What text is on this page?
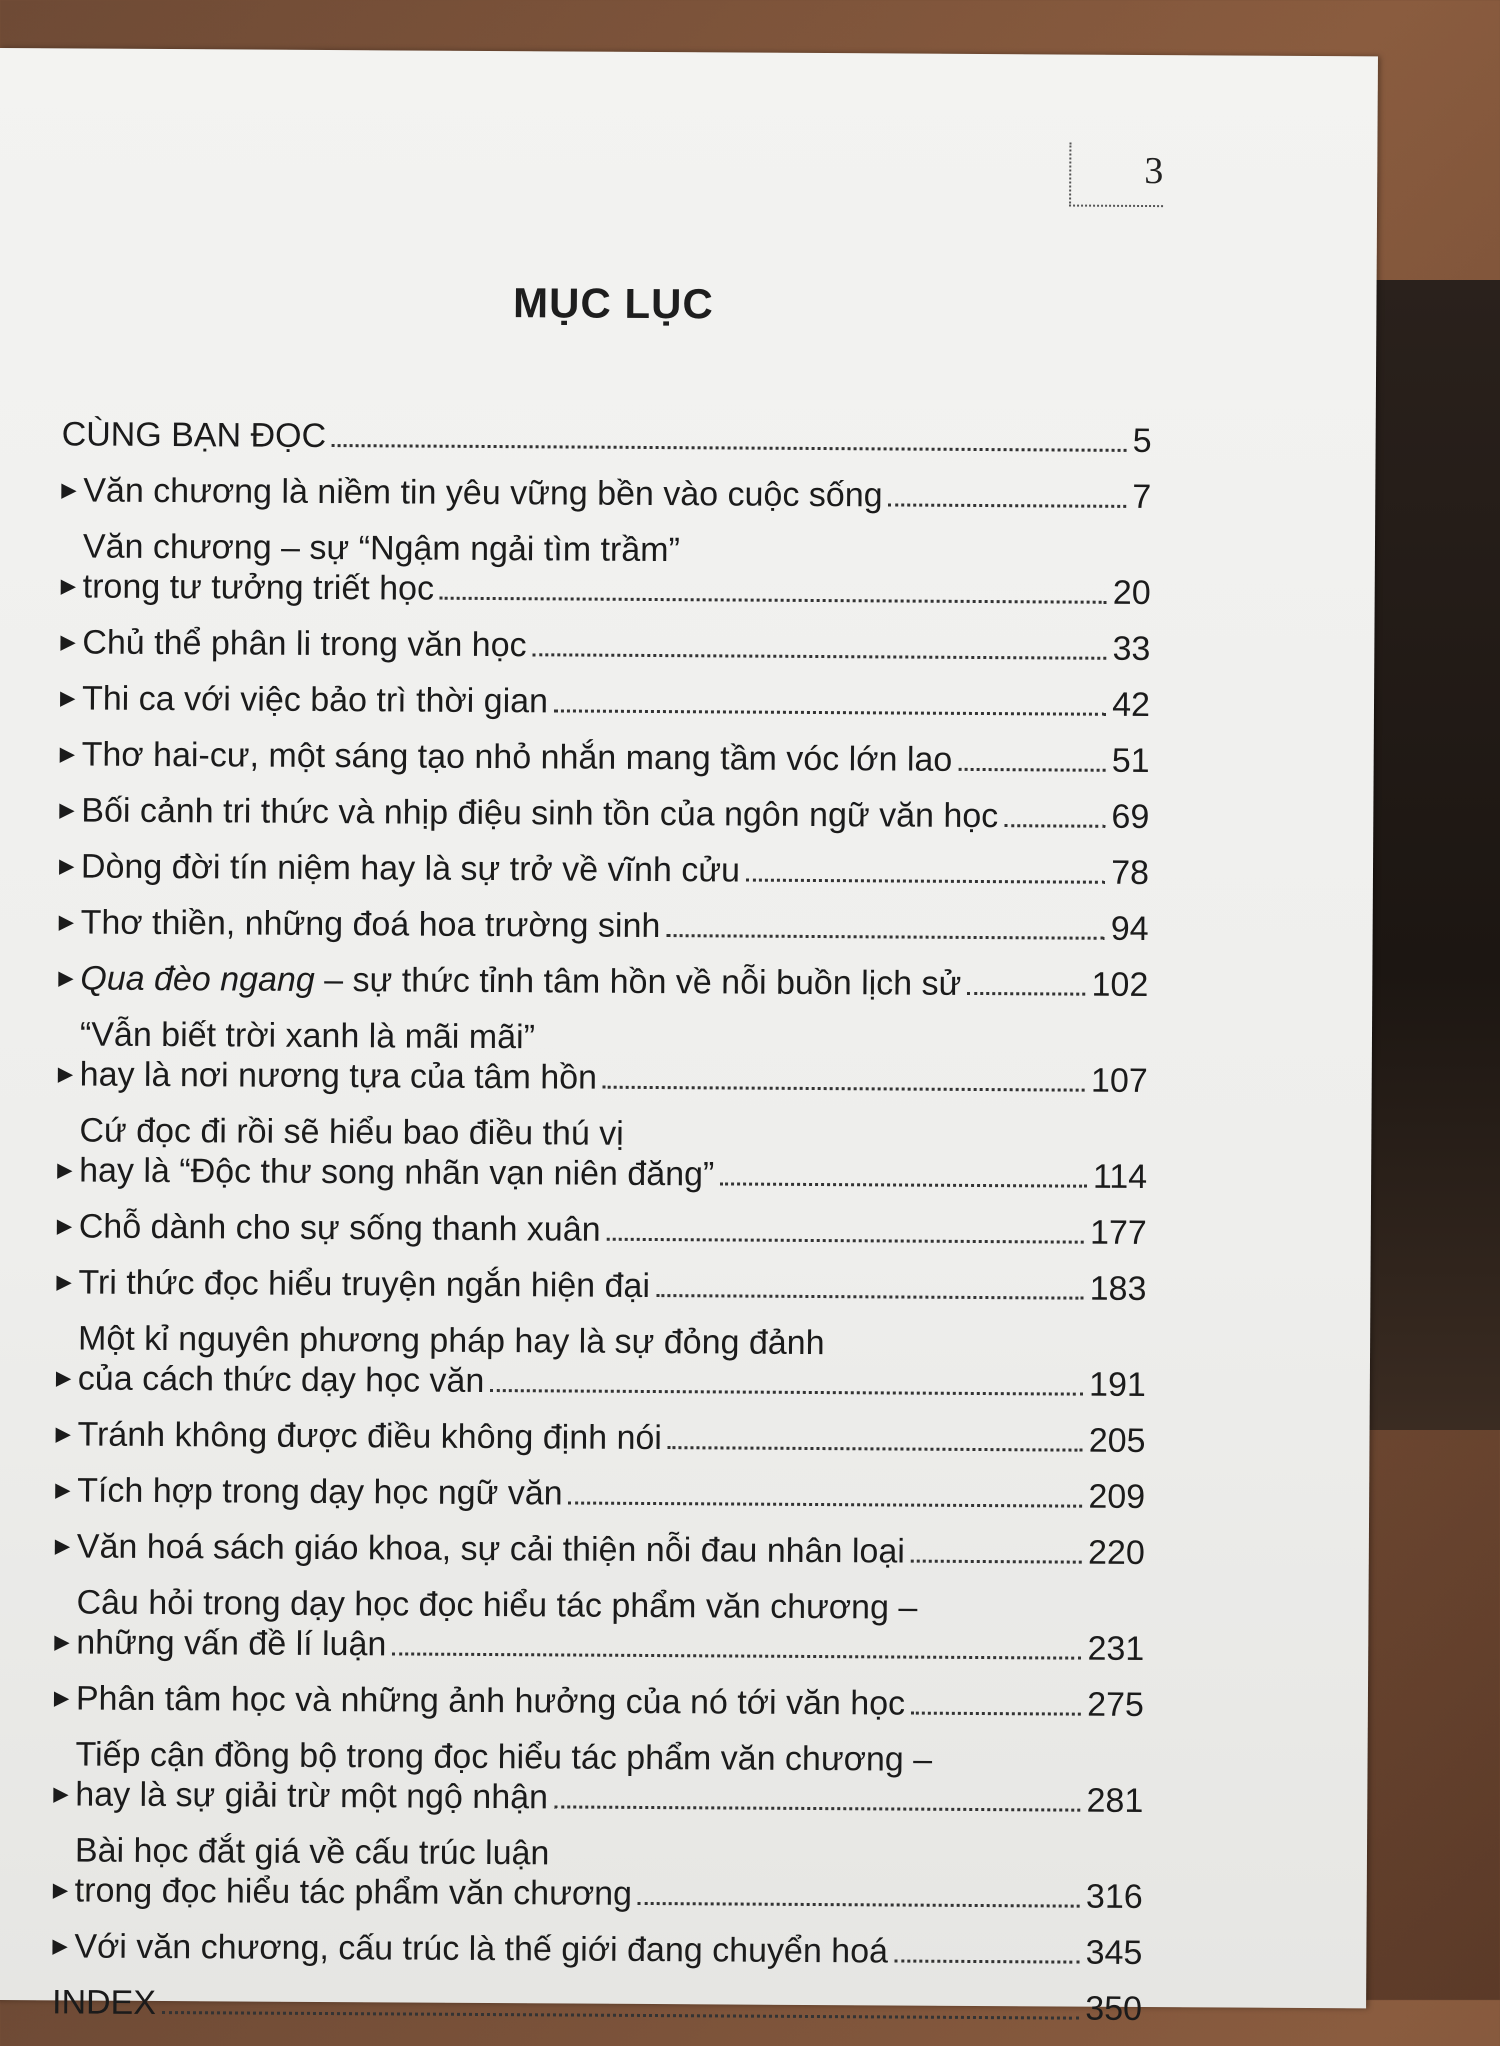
3
MỤC LỤC
CÙNG BẠN ĐỌC	5
▶ Văn chương là niềm tin yêu vững bền vào cuộc sống	7
▶
Văn chương – sự “Ngậm ngải tìm trầm”
trong tư tưởng triết học	20
▶ Chủ thể phân li trong văn học	33
▶ Thi ca với việc bảo trì thời gian	42
▶ Thơ hai-cư, một sáng tạo nhỏ nhắn mang tầm vóc lớn lao	51
▶ Bối cảnh tri thức và nhịp điệu sinh tồn của ngôn ngữ văn học	69
▶ Dòng đời tín niệm hay là sự trở về vĩnh cửu	78
▶ Thơ thiền, những đoá hoa trường sinh	94
▶ Qua đèo ngang – sự thức tỉnh tâm hồn về nỗi buồn lịch sử	102
▶
“Vẫn biết trời xanh là mãi mãi”
hay là nơi nương tựa của tâm hồn	107
▶
Cứ đọc đi rồi sẽ hiểu bao điều thú vị
hay là “Độc thư song nhãn vạn niên đăng”	114
▶ Chỗ dành cho sự sống thanh xuân	177
▶ Tri thức đọc hiểu truyện ngắn hiện đại	183
▶
Một kỉ nguyên phương pháp hay là sự đỏng đảnh
của cách thức dạy học văn	191
▶ Tránh không được điều không định nói	205
▶ Tích hợp trong dạy học ngữ văn	209
▶ Văn hoá sách giáo khoa, sự cải thiện nỗi đau nhân loại	220
▶
Câu hỏi trong dạy học đọc hiểu tác phẩm văn chương –
những vấn đề lí luận	231
▶ Phân tâm học và những ảnh hưởng của nó tới văn học	275
▶
Tiếp cận đồng bộ trong đọc hiểu tác phẩm văn chương –
hay là sự giải trừ một ngộ nhận	281
▶
Bài học đắt giá về cấu trúc luận
trong đọc hiểu tác phẩm văn chương	316
▶ Với văn chương, cấu trúc là thế giới đang chuyển hoá	345
INDEX	350
